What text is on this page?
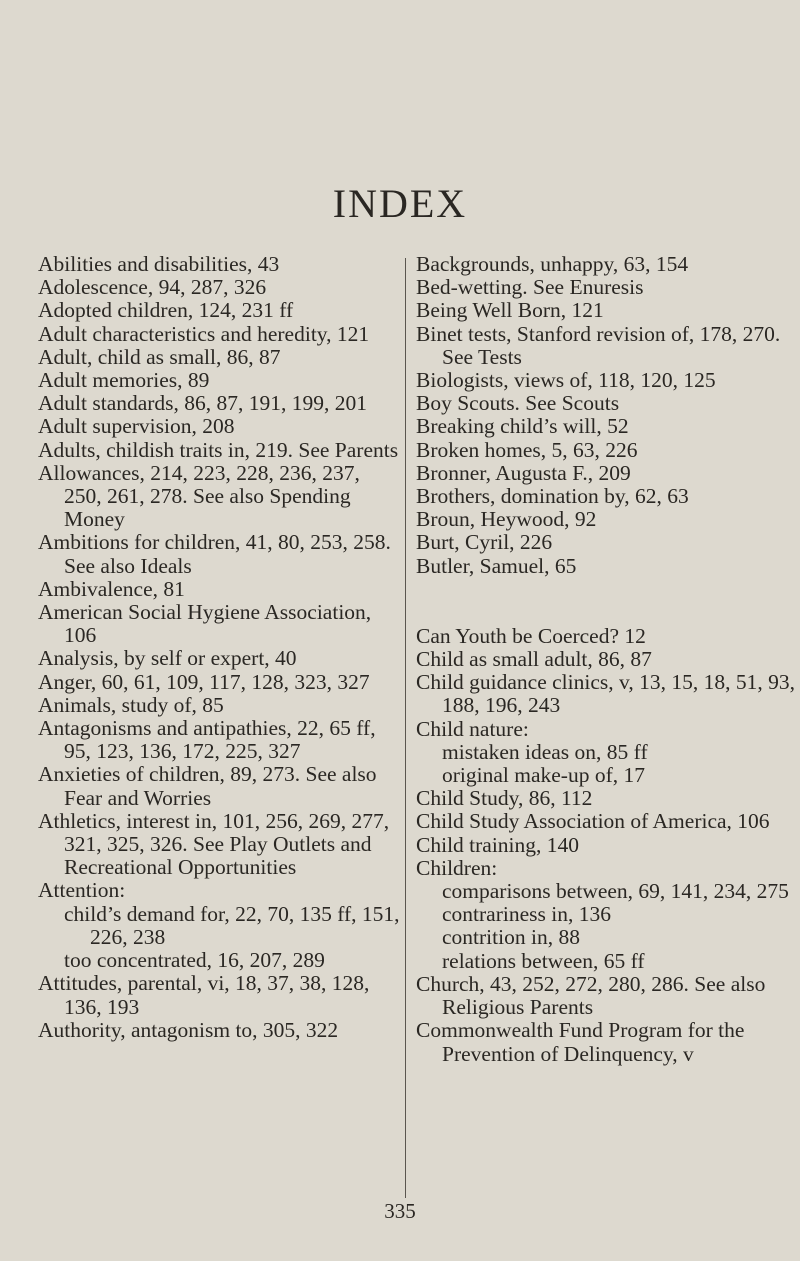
INDEX
Abilities and disabilities, 43
Adolescence, 94, 287, 326
Adopted children, 124, 231 ff
Adult characteristics and heredity, 121
Adult, child as small, 86, 87
Adult memories, 89
Adult standards, 86, 87, 191, 199, 201
Adult supervision, 208
Adults, childish traits in, 219. See Parents
Allowances, 214, 223, 228, 236, 237, 250, 261, 278. See also Spending Money
Ambitions for children, 41, 80, 253, 258. See also Ideals
Ambivalence, 81
American Social Hygiene Association, 106
Analysis, by self or expert, 40
Anger, 60, 61, 109, 117, 128, 323, 327
Animals, study of, 85
Antagonisms and antipathies, 22, 65 ff, 95, 123, 136, 172, 225, 327
Anxieties of children, 89, 273. See also Fear and Worries
Athletics, interest in, 101, 256, 269, 277, 321, 325, 326. See Play Outlets and Recreational Opportunities
Attention:
child’s demand for, 22, 70, 135 ff, 151, 226, 238
too concentrated, 16, 207, 289
Attitudes, parental, vi, 18, 37, 38, 128, 136, 193
Authority, antagonism to, 305, 322
Backgrounds, unhappy, 63, 154
Bed-wetting. See Enuresis
Being Well Born, 121
Binet tests, Stanford revision of, 178, 270. See Tests
Biologists, views of, 118, 120, 125
Boy Scouts. See Scouts
Breaking child’s will, 52
Broken homes, 5, 63, 226
Bronner, Augusta F., 209
Brothers, domination by, 62, 63
Broun, Heywood, 92
Burt, Cyril, 226
Butler, Samuel, 65
Can Youth be Coerced? 12
Child as small adult, 86, 87
Child guidance clinics, v, 13, 15, 18, 51, 93, 188, 196, 243
Child nature:
mistaken ideas on, 85 ff
original make-up of, 17
Child Study, 86, 112
Child Study Association of America, 106
Child training, 140
Children:
comparisons between, 69, 141, 234, 275
contrariness in, 136
contrition in, 88
relations between, 65 ff
Church, 43, 252, 272, 280, 286. See also Religious Parents
Commonwealth Fund Program for the Prevention of Delinquency, v
335
